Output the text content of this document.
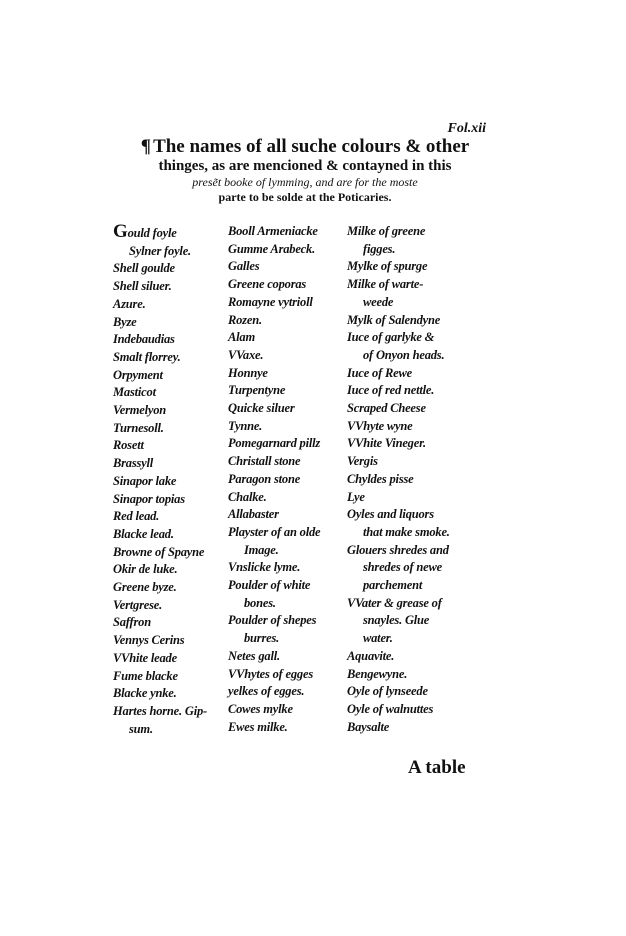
Fol.xii
¶ The names of all suche colours & other
thinges, as are mencioned & contayned in this
prese͂t booke of lymming, and are for the moste
parte to be solde at the Poticaries.
Gould foyle
Sylner foyle.
Shell goulde
Shell siluer.
Azure.
Byze
Indebaudias
Smalt florrey.
Orpyment
Masticot
Vermelyon
Turnesoll.
Rosett
Brassyll
Sinapor lake
Sinapor topias
Red lead.
Blacke lead.
Browne of Spayne
Okir de luke.
Greene byze.
Vertgrese.
Saffron
Vennys Cerins
VVhite leade
Fume blacke
Blacke ynke.
Hartes horne. Gip-
sum.
Booll Armeniacke
Gumme Arabeck.
Galles
Greene coporas
Romayne vytrioll
Rozen.
Alam
VVaxe.
Honnye
Turpentyne
Quicke siluer
Tynne.
Pomegarnard pillz
Christall stone
Paragon stone
Chalke.
Allabaster
Playster of an olde
Image.
Vnslicke lyme.
Poulder of white
bones.
Poulder of shepes
burres.
Netes gall.
VVhytes of egges
yelkes of egges.
Cowes mylke
Ewes milke.
Milke of greene
figges.
Mylke of spurge
Milke of warte-
weede
Mylk of Salendyne
Iuce of garlyke &
of Onyon heads.
Iuce of Rewe
Iuce of red nettle.
Scraped Cheese
VVhyte wyne
VVhite Vineger.
Vergis
Chyldes pisse
Lye
Oyles and liquors
that make smoke.
Glouers shredes and
shredes of newe
parchement
VVater & grease of
snayles. Glue
water.
Aquavite.
Bengewyne.
Oyle of lynseede
Oyle of walnuttes
Baysalte
A table
